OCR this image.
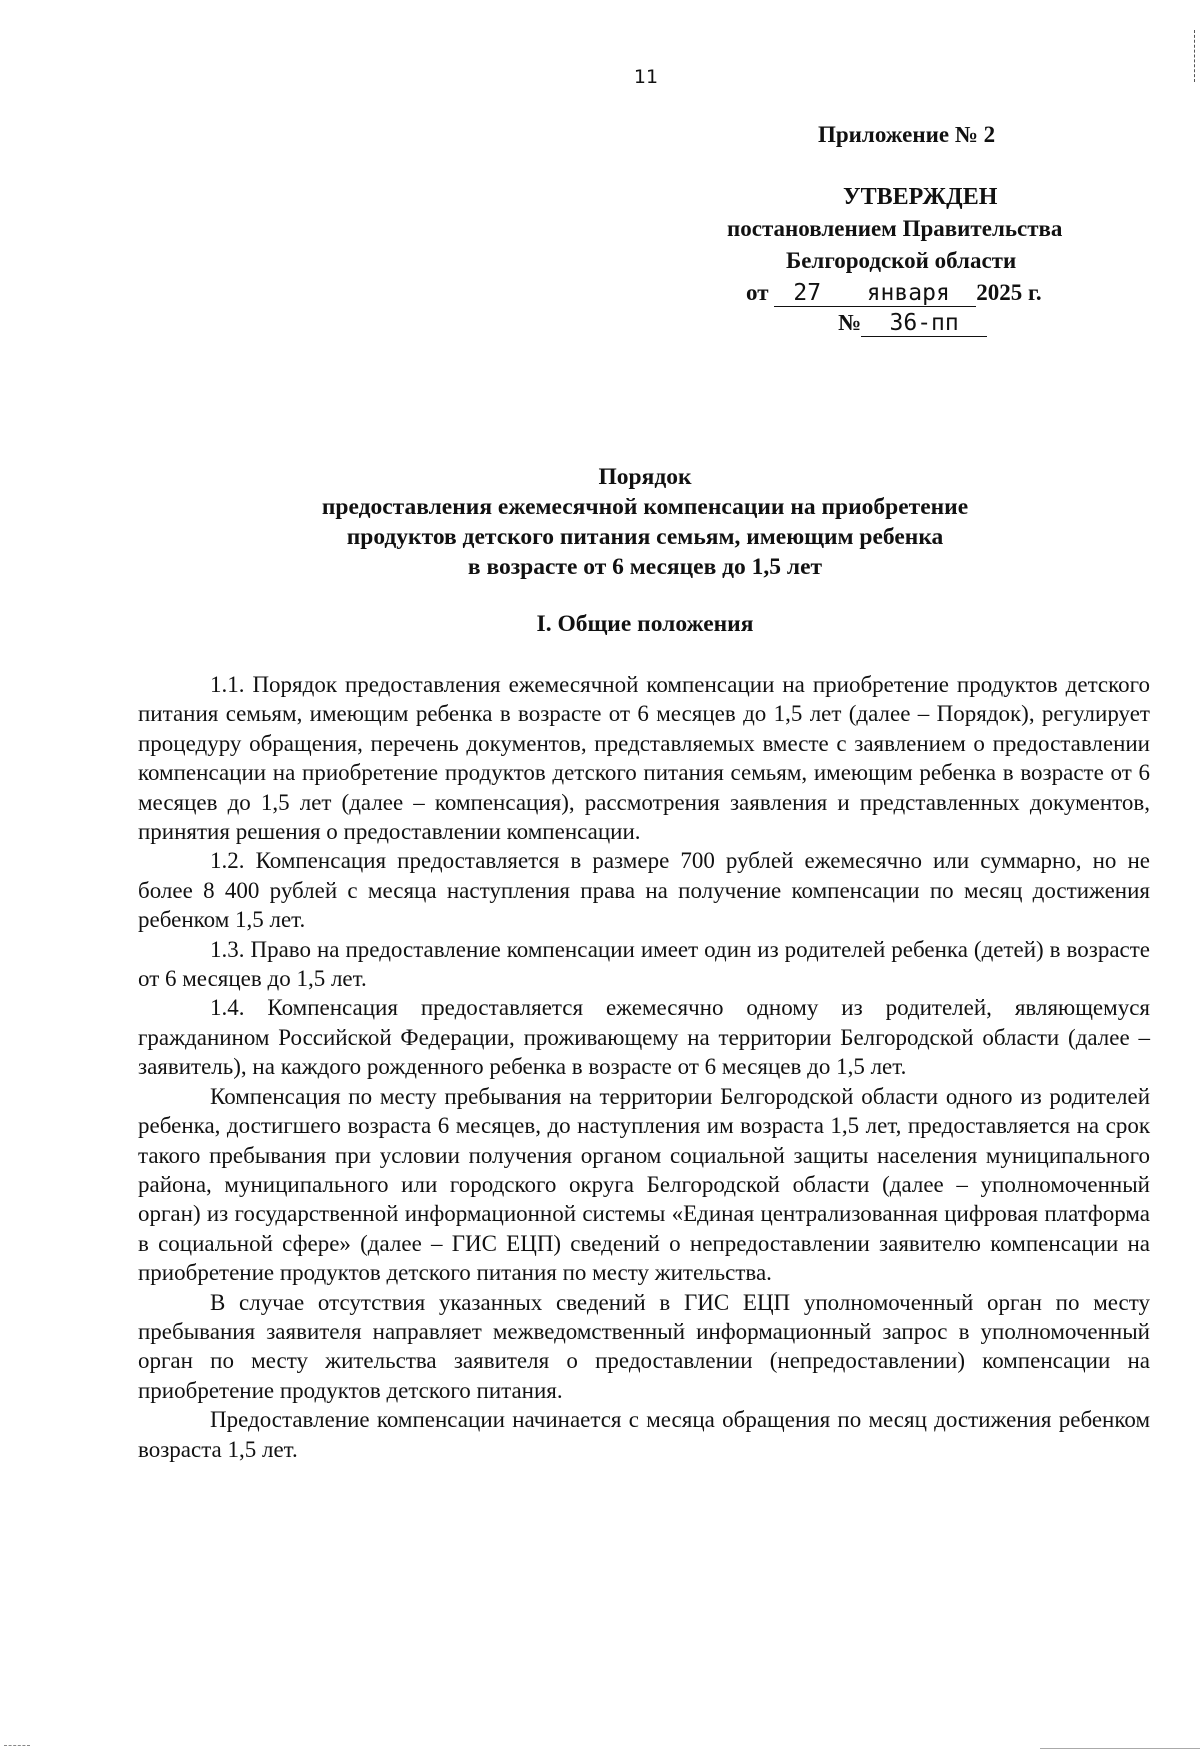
11
Приложение № 2
УТВЕРЖДЕН
постановлением Правительства
Белгородской области
от 27 января 2025 г.
№ 36-пп
Порядок
предоставления ежемесячной компенсации на приобретение
продуктов детского питания семьям, имеющим ребенка
в возрасте от 6 месяцев до 1,5 лет
I. Общие положения

1.1. Порядок предоставления ежемесячной компенсации на приобретение продуктов детского питания семьям, имеющим ребенка в возрасте от 6 месяцев до 1,5 лет (далее – Порядок), регулирует процедуру обращения, перечень документов, представляемых вместе с заявлением о предоставлении компенсации на приобретение продуктов детского питания семьям, имеющим ребенка в возрасте от 6 месяцев до 1,5 лет (далее – компенсация), рассмотрения заявления и представленных документов, принятия решения о предоставлении компенсации.

1.2. Компенсация предоставляется в размере 700 рублей ежемесячно или суммарно, но не более 8 400 рублей с месяца наступления права на получение компенсации по месяц достижения ребенком 1,5 лет.

1.3. Право на предоставление компенсации имеет один из родителей ребенка (детей) в возрасте от 6 месяцев до 1,5 лет.

1.4. Компенсация предоставляется ежемесячно одному из родителей, являющемуся гражданином Российской Федерации, проживающему на территории Белгородской области (далее – заявитель), на каждого рожденного ребенка в возрасте от 6 месяцев до 1,5 лет.

Компенсация по месту пребывания на территории Белгородской области одного из родителей ребенка, достигшего возраста 6 месяцев, до наступления им возраста 1,5 лет, предоставляется на срок такого пребывания при условии получения органом социальной защиты населения муниципального района, муниципального или городского округа Белгородской области (далее – уполномоченный орган) из государственной информационной системы «Единая централизованная цифровая платформа в социальной сфере» (далее – ГИС ЕЦП) сведений о непредоставлении заявителю компенсации на приобретение продуктов детского питания по месту жительства.

В случае отсутствия указанных сведений в ГИС ЕЦП уполномоченный орган по месту пребывания заявителя направляет межведомственный информационный запрос в уполномоченный орган по месту жительства заявителя о предоставлении (непредоставлении) компенсации на приобретение продуктов детского питания.

Предоставление компенсации начинается с месяца обращения по месяц достижения ребенком возраста 1,5 лет.
